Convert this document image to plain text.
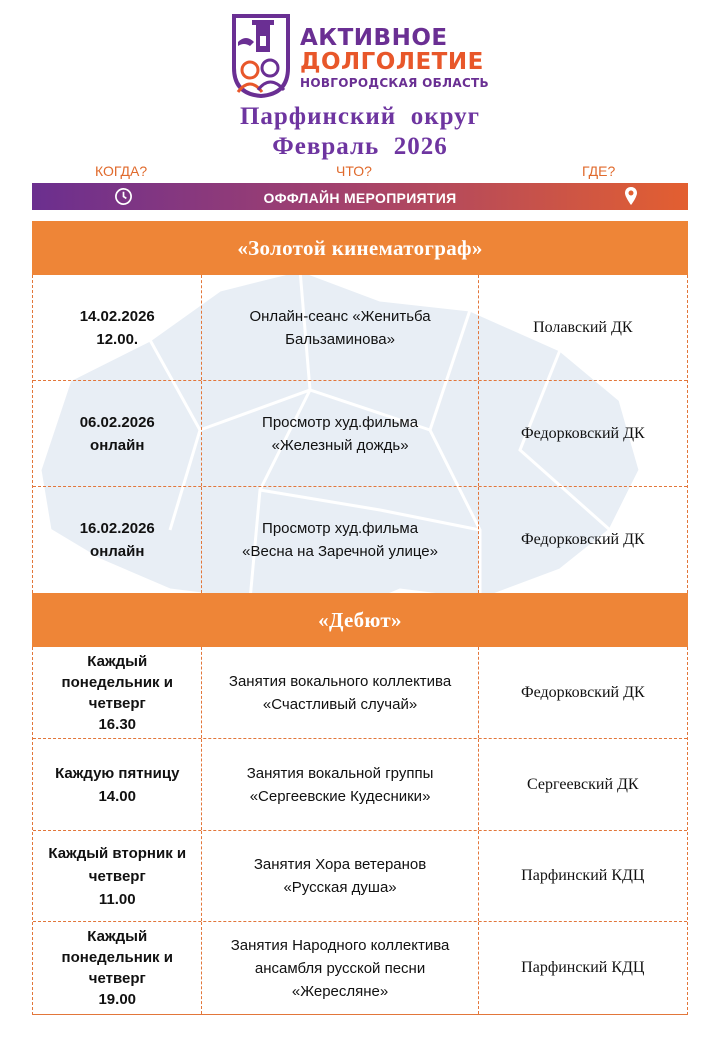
АКТИВНОЕ
ДОЛГОЛЕТИЕ
НОВГОРОДСКАЯ ОБЛАСТЬ
Парфинский  округ
Февраль  2026
КОГДА?	ЧТО?	ГДЕ?
ОФФЛАЙН МЕРОПРИЯТИЯ
«Золотой кинематограф»
14.02.2026
12.00.
Онлайн-сеанс «Женитьба
Бальзаминова»
Полавский ДК
06.02.2026
онлайн
Просмотр худ.фильма
«Железный дождь»
Федорковский ДК
16.02.2026
онлайн
Просмотр худ.фильма
«Весна на Заречной улице»
Федорковский ДК
«Дебют»
Каждый
понедельник и
четверг
16.30
Занятия вокального коллектива
«Счастливый случай»
Федорковский ДК
Каждую пятницу
14.00
Занятия вокальной группы
«Сергеевские Кудесники»
Сергеевский ДК
Каждый вторник и
четверг
11.00
Занятия Хора ветеранов
«Русская душа»
Парфинский КДЦ
Каждый
понедельник и
четверг
19.00
Занятия Народного коллектива
ансамбля русской песни
«Жересляне»
Парфинский КДЦ
